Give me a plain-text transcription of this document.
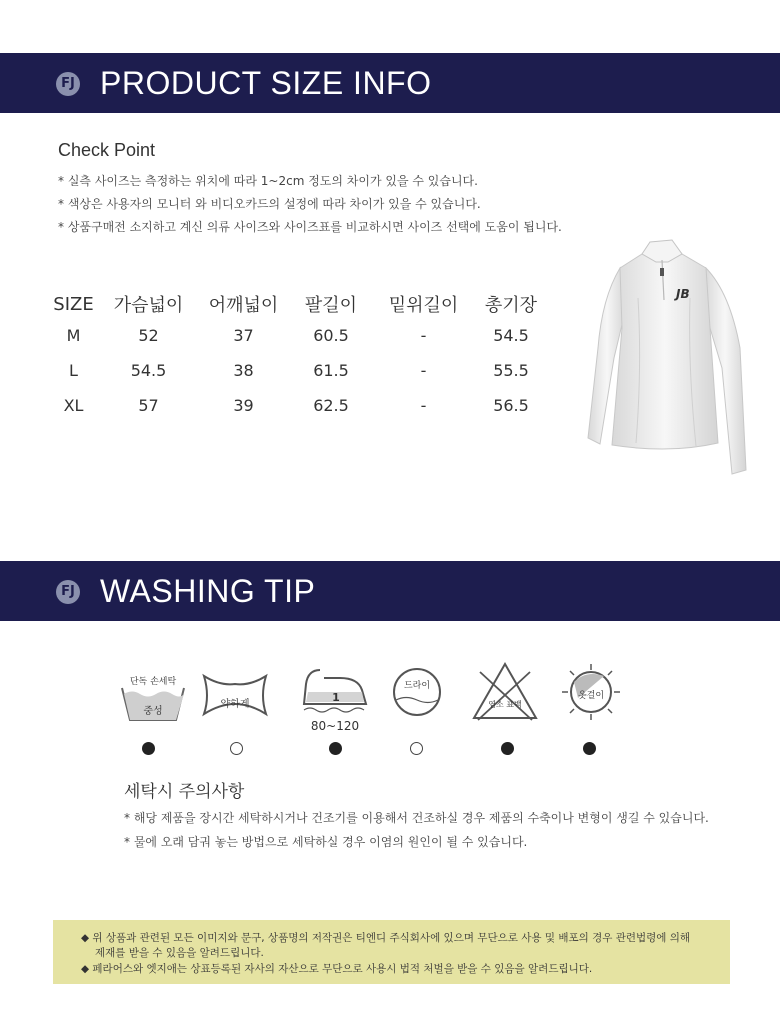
FJ PRODUCT SIZE INFO
Check Point
* 실측 사이즈는 측정하는 위치에 따라 1~2cm 정도의 차이가 있을 수 있습니다.
* 색상은 사용자의 모니터 와 비디오카드의 설정에 따라 차이가 있을 수 있습니다.
* 상품구매전 소지하고 계신 의류 사이즈와 사이즈표를 비교하시면 사이즈 선택에 도움이 됩니다.
SIZE	가슴넓이	어깨넓이	팔길이	밑위길이	총기장
M	52	37	60.5	-	54.5
L	54.5	38	61.5	-	55.5
XL	57	39	62.5	-	56.5
JB
FJ WASHING TIP
단독 손세탁
중성
약하게
1
80~120
드라이
염소 표백
옷걸이
세탁시 주의사항
* 해당 제품을 장시간 세탁하시거나 건조기를 이용해서 건조하실 경우 제품의 수축이나 변형이 생길 수 있습니다.
* 물에 오래 담궈 놓는 방법으로 세탁하실 경우 이염의 원인이 될 수 있습니다.
◆ 위 상품과 관련된 모든 이미지와 문구, 상품명의 저작권은 티엔디 주식회사에 있으며 무단으로 사용 및 배포의 경우 관련법령에 의해
제재를 받을 수 있음을 알려드립니다.
◆ 페라어스와 엣지애는 상표등록된 자사의 자산으로 무단으로 사용시 법적 처벌을 받을 수 있음을 알려드립니다.
